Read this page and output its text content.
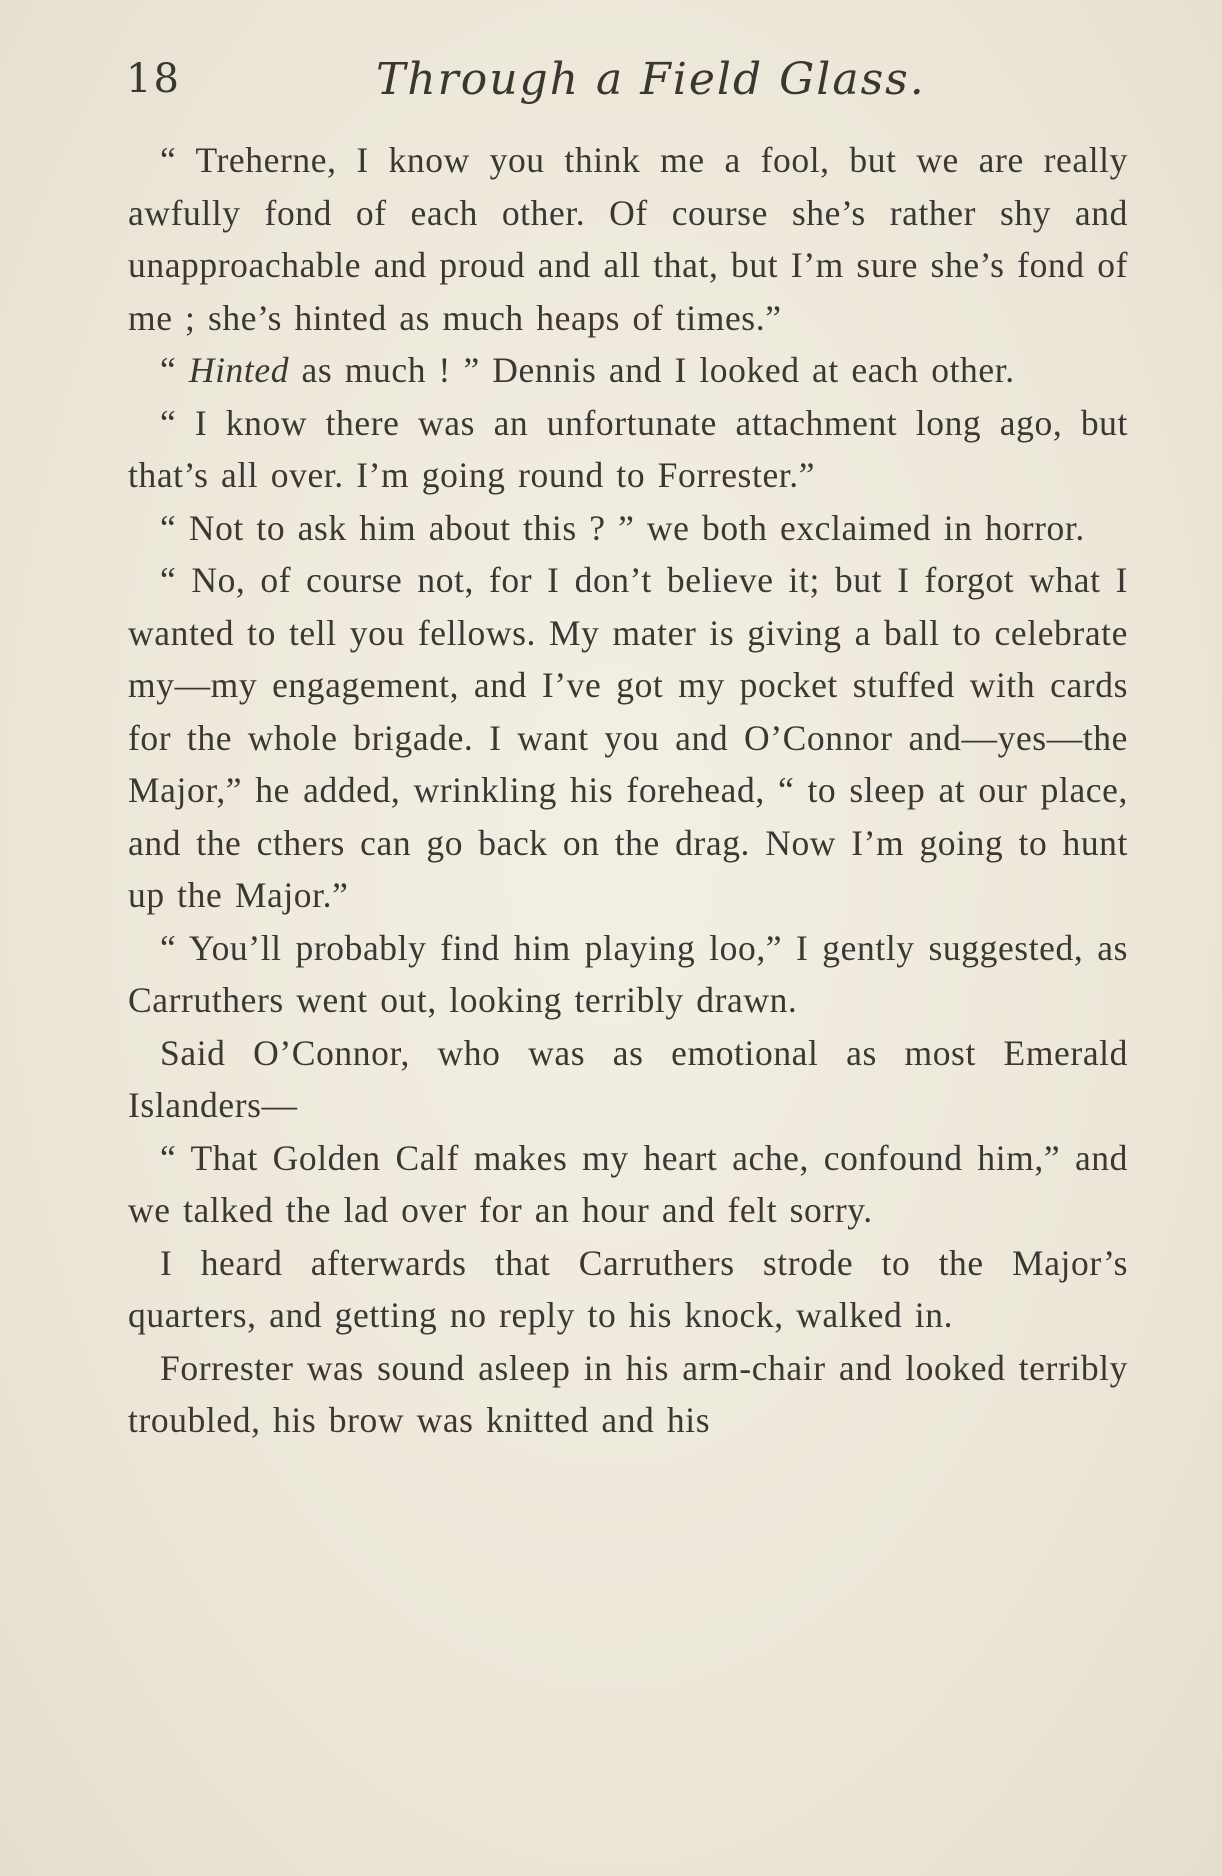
18	Through a Field Glass.

“ Treherne, I know you think me a fool, but we are really awfully fond of each other. Of course she’s rather shy and unapproachable and proud and all that, but I’m sure she’s fond of me ; she’s hinted as much heaps of times.”

“ Hinted as much ! ” Dennis and I looked at each other.

“ I know there was an unfortunate attachment long ago, but that’s all over. I’m going round to Forrester.”

“ Not to ask him about this ? ” we both exclaimed in horror.

“ No, of course not, for I don’t believe it; but I forgot what I wanted to tell you fellows. My mater is giving a ball to celebrate my—my engagement, and I’ve got my pocket stuffed with cards for the whole brigade. I want you and O’Connor and—yes—the Major,” he added, wrinkling his forehead, “ to sleep at our place, and the cthers can go back on the drag. Now I’m going to hunt up the Major.”

“ You’ll probably find him playing loo,” I gently suggested, as Carruthers went out, looking terribly drawn.

Said O’Connor, who was as emotional as most Emerald Islanders—

“ That Golden Calf makes my heart ache, confound him,” and we talked the lad over for an hour and felt sorry.

I heard afterwards that Carruthers strode to the Major’s quarters, and getting no reply to his knock, walked in.

Forrester was sound asleep in his arm-chair and looked terribly troubled, his brow was knitted and his
